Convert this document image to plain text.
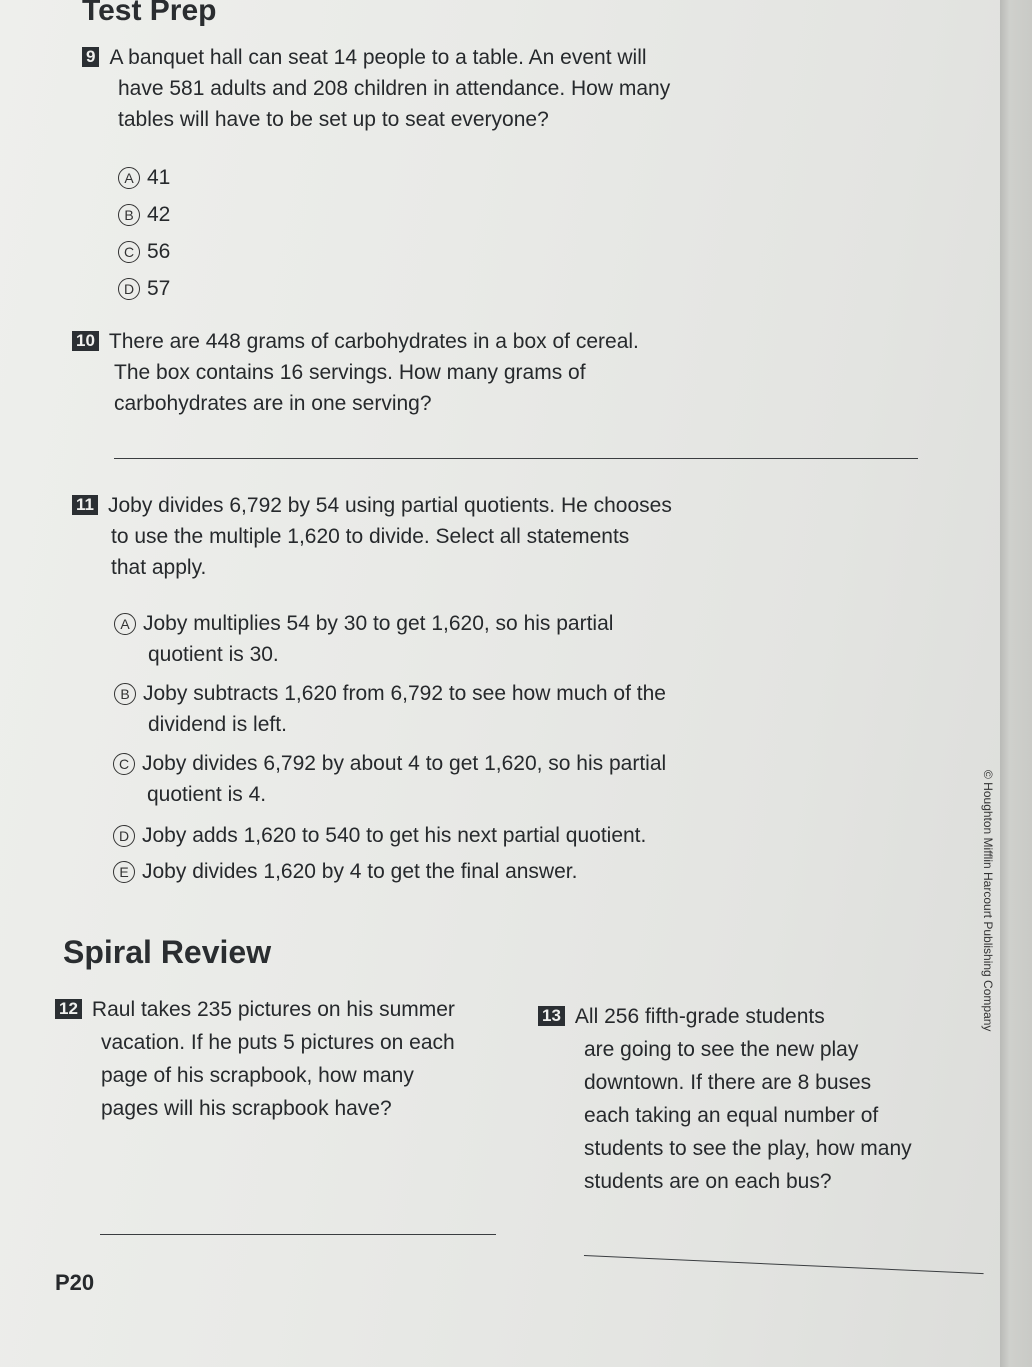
Test Prep

9 A banquet hall can seat 14 people to a table. An event will

have 581 adults and 208 children in attendance. How many

tables will have to be set up to seat everyone?

A 41
B 42
C 56
D 57

10 There are 448 grams of carbohydrates in a box of cereal.

The box contains 16 servings. How many grams of

carbohydrates are in one serving?

11 Joby divides 6,792 by 54 using partial quotients. He chooses

to use the multiple 1,620 to divide. Select all statements

that apply.

A Joby multiplies 54 by 30 to get 1,620, so his partial
quotient is 30.
B Joby subtracts 1,620 from 6,792 to see how much of the
dividend is left.
C Joby divides 6,792 by about 4 to get 1,620, so his partial
quotient is 4.
D Joby adds 1,620 to 540 to get his next partial quotient.
E Joby divides 1,620 by 4 to get the final answer.
Spiral Review

12 Raul takes 235 pictures on his summer

vacation. If he puts 5 pictures on each

page of his scrapbook, how many

pages will his scrapbook have?

13 All 256 fifth-grade students

are going to see the new play

downtown. If there are 8 buses

each taking an equal number of

students to see the play, how many

students are on each bus?

P20
© Houghton Mifflin Harcourt Publishing Company
